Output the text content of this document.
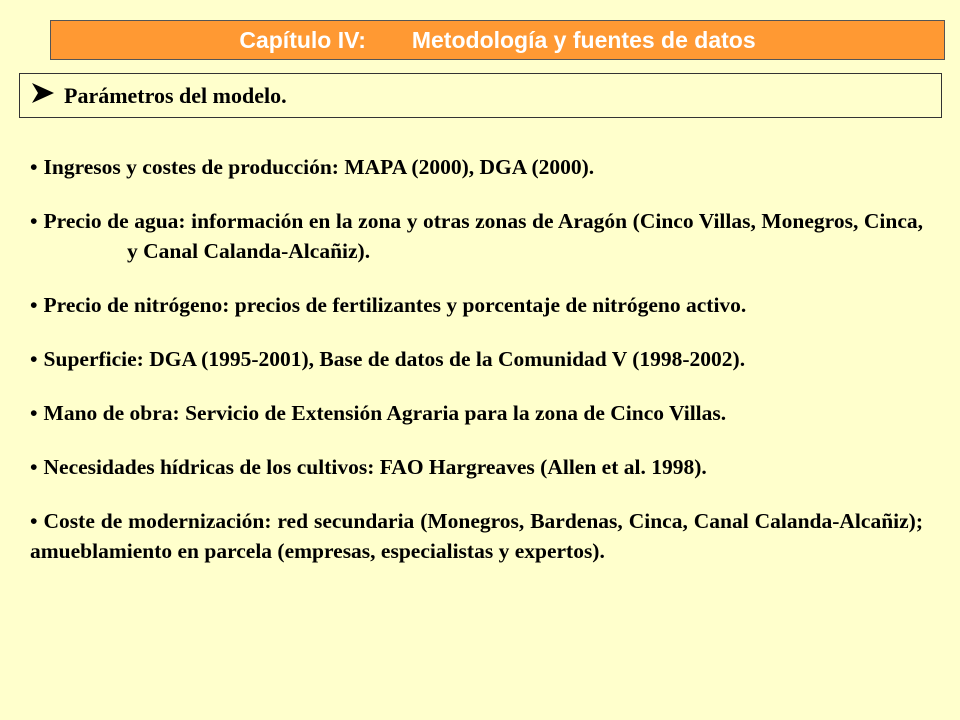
Capítulo IV: Metodología y fuentes de datos
Parámetros del modelo.

• Ingresos y costes de producción: MAPA (2000), DGA (2000).

• Precio de agua: información en la zona y otras zonas de Aragón (Cinco Villas, Monegros, Cinca, y Canal Calanda-Alcañiz).

• Precio de nitrógeno: precios de fertilizantes y porcentaje de nitrógeno activo.

• Superficie: DGA (1995-2001), Base de datos de la Comunidad V (1998-2002).

• Mano de obra: Servicio de Extensión Agraria para la zona de Cinco Villas.

• Necesidades hídricas de los cultivos: FAO Hargreaves (Allen et al. 1998).

• Coste de modernización: red secundaria (Monegros, Bardenas, Cinca, Canal Calanda-Alcañiz); amueblamiento en parcela (empresas, especialistas y expertos).
